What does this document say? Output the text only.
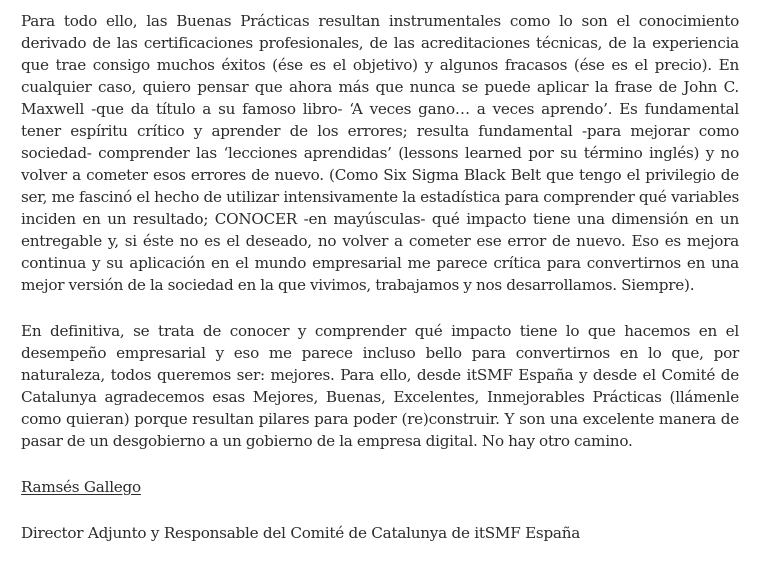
Para todo ello, las Buenas Prácticas resultan instrumentales como lo son el conocimiento derivado de las certificaciones profesionales, de las acreditaciones técnicas, de la experiencia que trae consigo muchos éxitos (ése es el objetivo) y algunos fracasos (ése es el precio). En cualquier caso, quiero pensar que ahora más que nunca se puede aplicar la frase de John C. Maxwell -que da título a su famoso libro- ‘A veces gano… a veces aprendo’. Es fundamental tener espíritu crítico y aprender de los errores; resulta fundamental -para mejorar como sociedad- comprender las ‘lecciones aprendidas’ (lessons learned por su término inglés) y no volver a cometer esos errores de nuevo. (Como Six Sigma Black Belt que tengo el privilegio de ser, me fascinó el hecho de utilizar intensivamente la estadística para comprender qué variables inciden en un resultado; CONOCER -en mayúsculas- qué impacto tiene una dimensión en un entregable y, si éste no es el deseado, no volver a cometer ese error de nuevo. Eso es mejora continua y su aplicación en el mundo empresarial me parece crítica para convertirnos en una mejor versión de la sociedad en la que vivimos, trabajamos y nos desarrollamos. Siempre).

En definitiva, se trata de conocer y comprender qué impacto tiene lo que hacemos en el desempeño empresarial y eso me parece incluso bello para convertirnos en lo que, por naturaleza, todos queremos ser: mejores. Para ello, desde itSMF España y desde el Comité de Catalunya agradecemos esas Mejores, Buenas, Excelentes, Inmejorables Prácticas (llámenle como quieran) porque resultan pilares para poder (re)construir. Y son una excelente manera de pasar de un desgobierno a un gobierno de la empresa digital. No hay otro camino.

Ramsés Gallego

Director Adjunto y Responsable del Comité de Catalunya de itSMF España
